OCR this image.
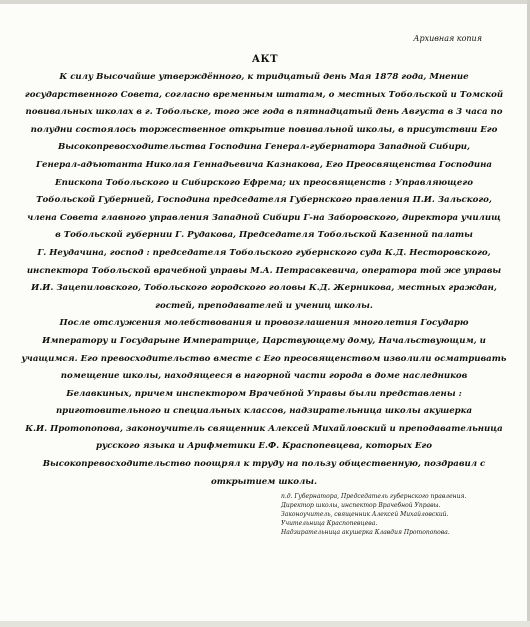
Архивная копия
АКТ
К силу Высочайше утверждённого, к тридцатый день Мая 1878 года, Мнение
государственного Совета, согласно временным штатам, о местных Тобольской и Томской
повивальных школах в г. Тобольске, того же года в пятнадцатый день Августа в 3 часа по
полудни состоялось торжественное открытие повивальной школы, в присутствии Его
Высокопревосходительства Господина Генерал-губернатора Западной Сибири,
Генерал-адъютанта Николая Геннадьевича Казнакова, Его Преосвященства Господина
Епископа Тобольского и Сибирского Ефрема; их преосвященств : Управляющего
Тобольской Губернией, Господина председателя Губернского правления П.И. Зальского,
члена Совета главного управления Западной Сибири Г-на Заборовского, директора училищ
в Тобольской губернии Г. Рудакова, Председателя Тобольской Казенной палаты
Г. Неудачина, господ : председателя Тобольского губернского суда К.Д. Несторовского,
инспектора Тобольской врачебной управы М.А. Петрасвкевича, оператора той же управы
И.И. Зацепиловского, Тобольского городского головы К.Д. Жерникова, местных граждан,
гостей, преподавателей и учениц школы.
После отслужения молебствования и провозглашения многолетия Государю
Императору и Государыне Императрице, Царствующему дому, Начальствующим, и
учащимся. Его превосходительство вместе с Его преосвященством изволили осматривать
помещение школы, находящееся в нагорной части города в доме наследников
Белавкиных, причем инспектором Врачебной Управы были представлены :
приготовительного и специальных классов, надзирательница школы акушерка
К.И. Протопопова, законоучитель священник Алексей Михайловский и преподавательница
русского языка и Арифметики Е.Ф. Краспопевцева, которых Его
Высокопревосходительство поощрял к труду на пользу общественную, поздравил с
открытием школы.
п.д. Губернатора, Председатель губернского правления.
Директор школы, инспектор Врачебной Управы.
Законоучитель, священник Алексей Михайловский.
Учительница Краспопевцева.
Надзирательница акушерка Клавдия Протопопова.
